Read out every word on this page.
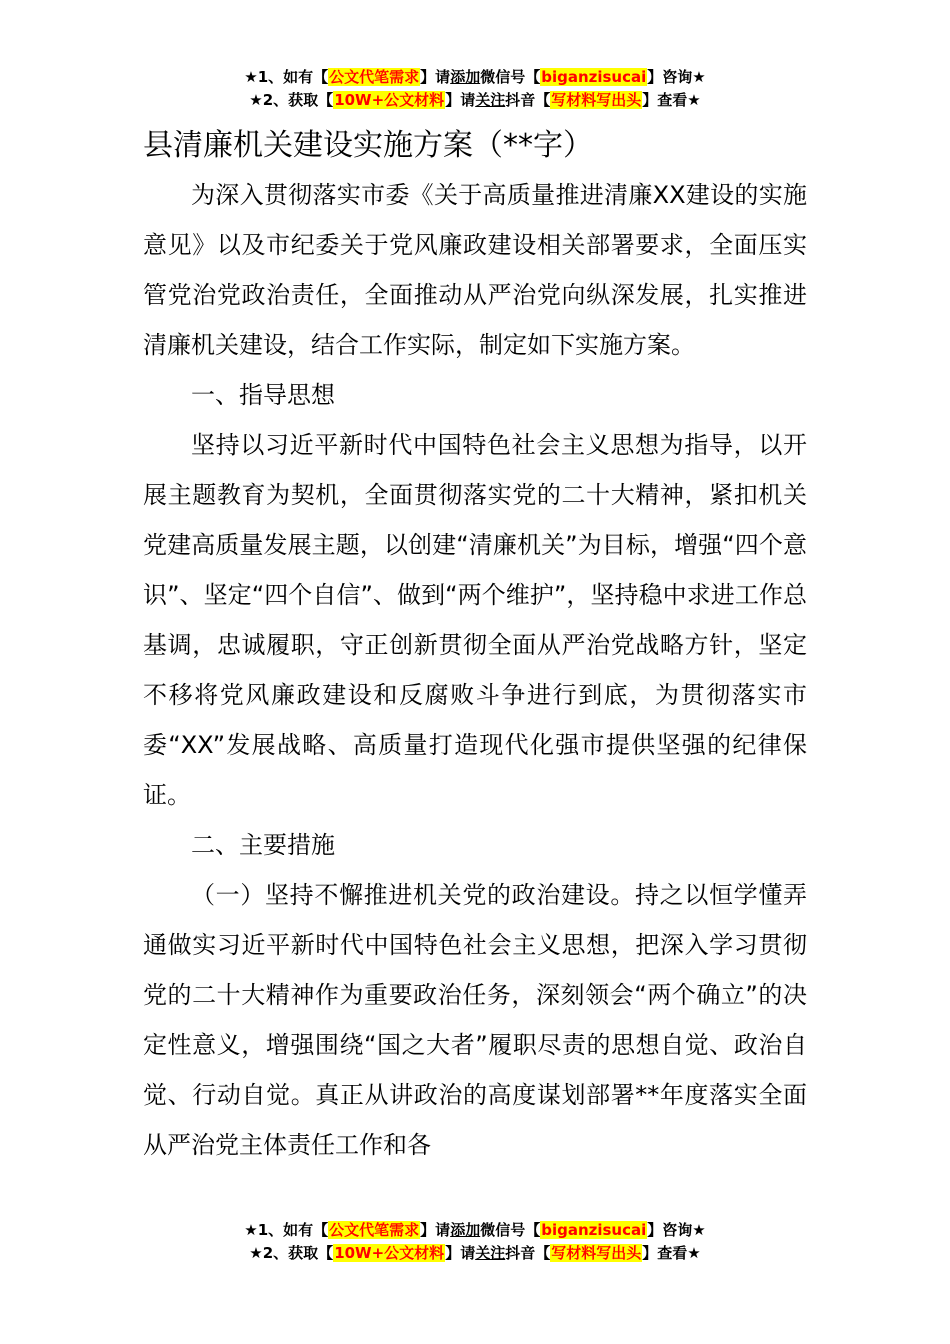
★1、如有【公文代笔需求】请添加微信号【biganzisucai】咨询★
★2、获取【10W+公文材料】请关注抖音【写材料写出头】查看★
县清廉机关建设实施方案（**字）

为深入贯彻落实市委《关于高质量推进清廉XX建设的实施意见》以及市纪委关于党风廉政建设相关部署要求，全面压实管党治党政治责任，全面推动从严治党向纵深发展，扎实推进清廉机关建设，结合工作实际，制定如下实施方案。

一、指导思想

坚持以习近平新时代中国特色社会主义思想为指导，以开展主题教育为契机，全面贯彻落实党的二十大精神，紧扣机关党建高质量发展主题，以创建“清廉机关”为目标，增强“四个意识”、坚定“四个自信”、做到“两个维护”，坚持稳中求进工作总基调，忠诚履职，守正创新贯彻全面从严治党战略方针，坚定不移将党风廉政建设和反腐败斗争进行到底，为贯彻落实市委“XX”发展战略、高质量打造现代化强市提供坚强的纪律保证。

二、主要措施

（一）坚持不懈推进机关党的政治建设。持之以恒学懂弄通做实习近平新时代中国特色社会主义思想，把深入学习贯彻党的二十大精神作为重要政治任务，深刻领会“两个确立”的决定性意义，增强围绕“国之大者”履职尽责的思想自觉、政治自觉、行动自觉。真正从讲政治的高度谋划部署**年度落实全面从严治党主体责任工作和各

★1、如有【公文代笔需求】请添加微信号【biganzisucai】咨询★
★2、获取【10W+公文材料】请关注抖音【写材料写出头】查看★
